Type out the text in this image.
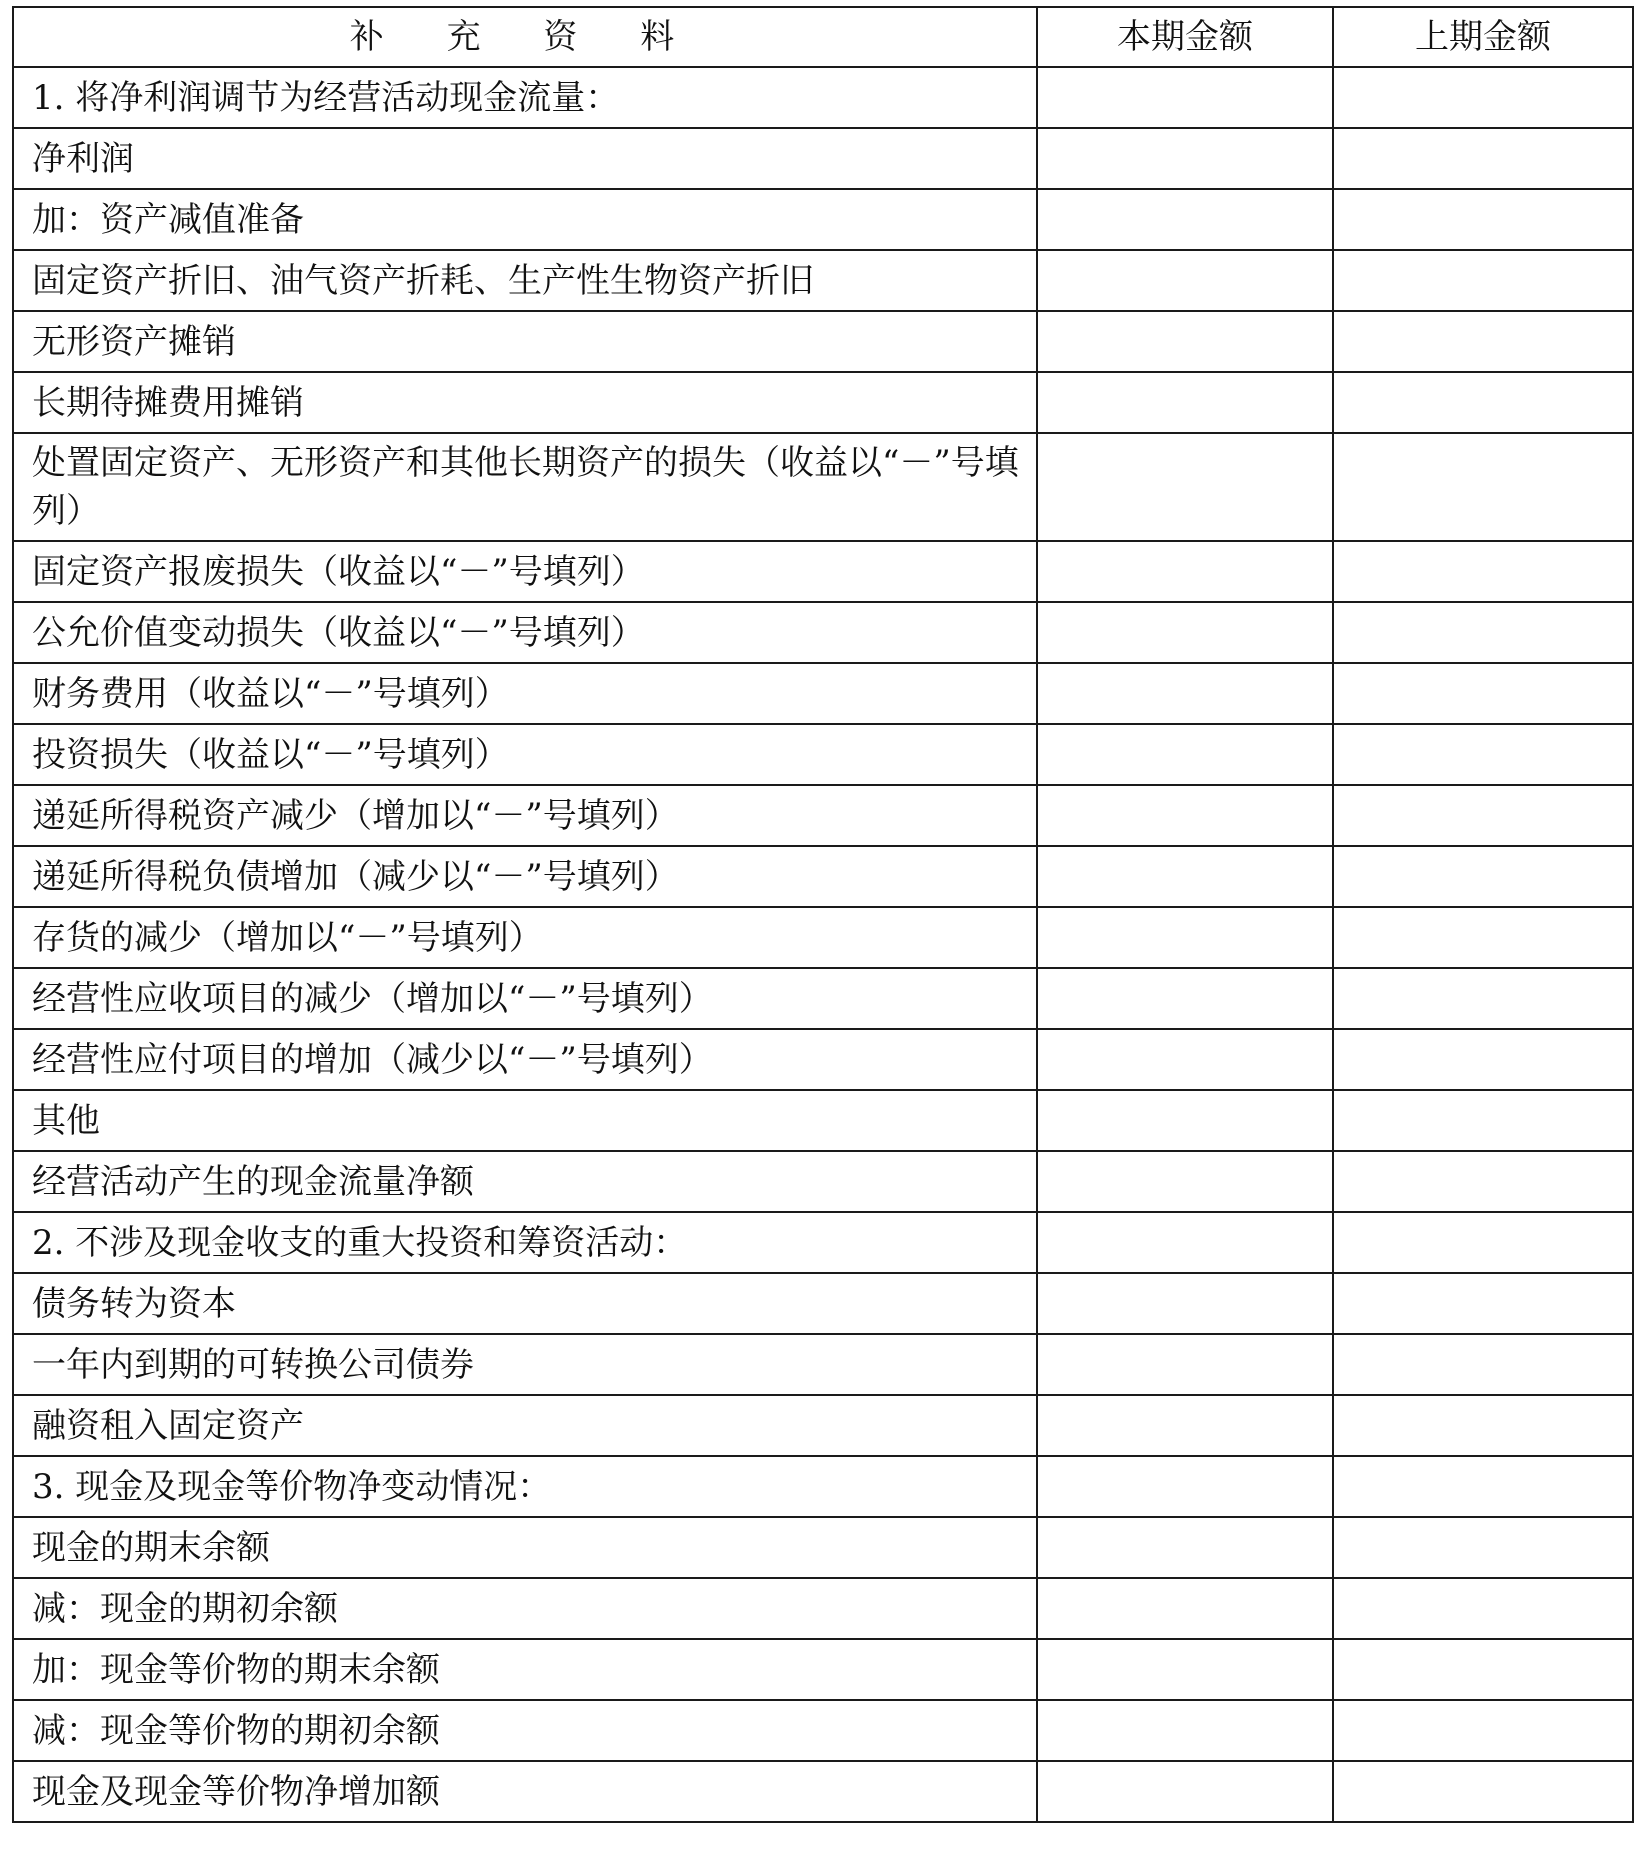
补 充 资 料	本期金额	上期金额
1. 将净利润调节为经营活动现金流量：		
净利润		
加：资产减值准备		
固定资产折旧、油气资产折耗、生产性生物资产折旧		
无形资产摊销		
长期待摊费用摊销		
处置固定资产、无形资产和其他长期资产的损失（收益以“－”号填列）		
固定资产报废损失（收益以“－”号填列）		
公允价值变动损失（收益以“－”号填列）		
财务费用（收益以“－”号填列）		
投资损失（收益以“－”号填列）		
递延所得税资产减少（增加以“－”号填列）		
递延所得税负债增加（减少以“－”号填列）		
存货的减少（增加以“－”号填列）		
经营性应收项目的减少（增加以“－”号填列）		
经营性应付项目的增加（减少以“－”号填列）		
其他		
经营活动产生的现金流量净额		
2. 不涉及现金收支的重大投资和筹资活动：		
债务转为资本		
一年内到期的可转换公司债券		
融资租入固定资产		
3. 现金及现金等价物净变动情况：		
现金的期末余额		
减：现金的期初余额		
加：现金等价物的期末余额		
减：现金等价物的期初余额		
现金及现金等价物净增加额		
